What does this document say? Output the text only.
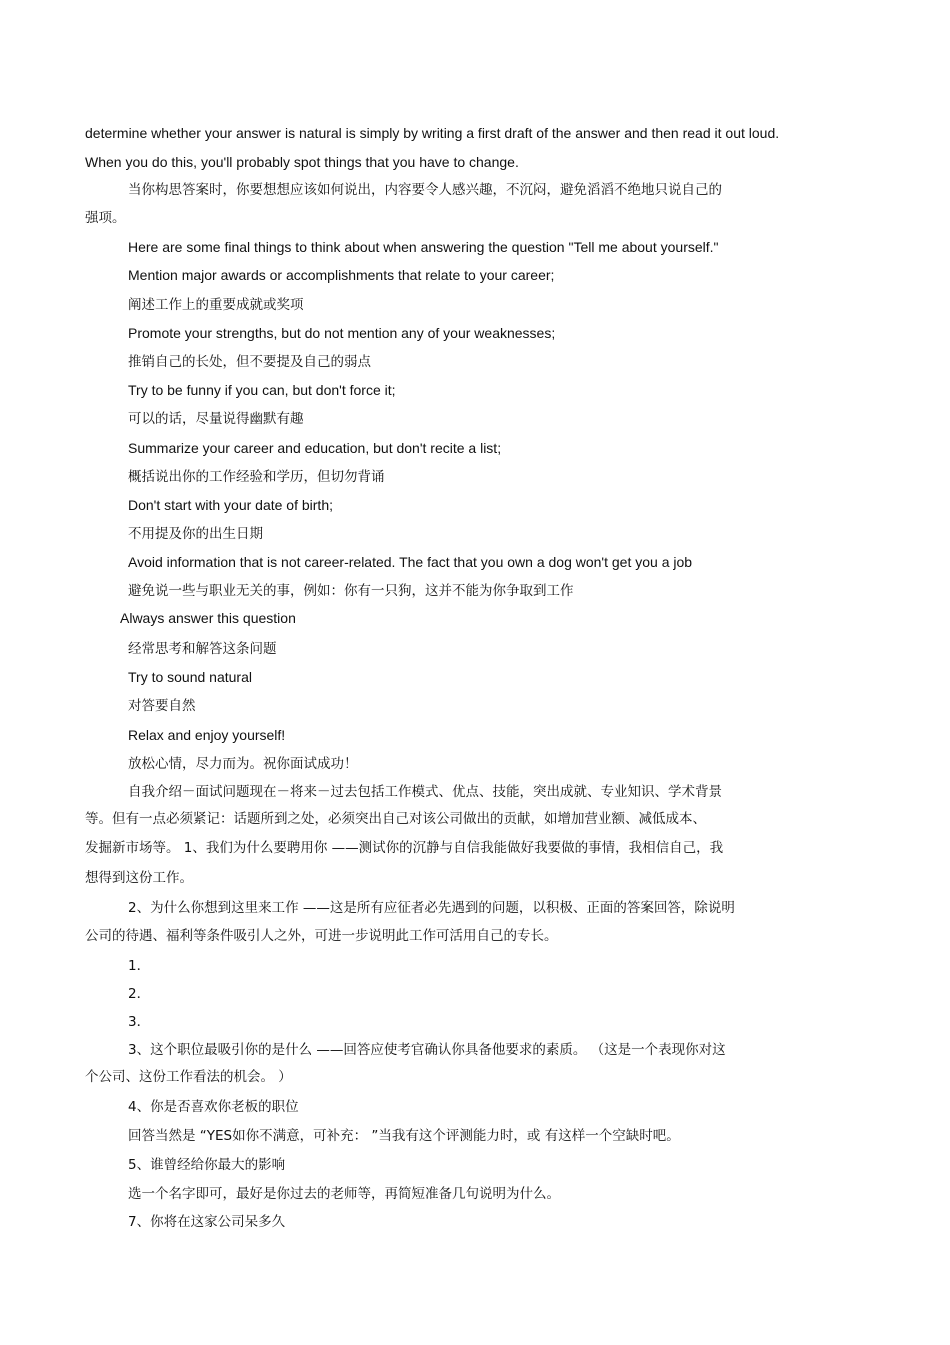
determine whether your answer is natural is simply by writing a first draft of the answer and then read it out loud.

When you do this, you'll probably spot things that you have to change.

当你构思答案时，你要想想应该如何说出，内容要令人感兴趣，不沉闷，避免滔滔不绝地只说自己的

强项。

Here are some final things to think about when answering the question "Tell me about yourself."

Mention major awards or accomplishments that relate to your career;

阐述工作上的重要成就或奖项

Promote your strengths, but do not mention any of your weaknesses;

推销自己的长处，但不要提及自己的弱点

Try to be funny if you can, but don't force it;

可以的话，尽量说得幽默有趣

Summarize your career and education, but don't recite a list;

概括说出你的工作经验和学历，但切勿背诵

Don't start with your date of birth;

不用提及你的出生日期

Avoid information that is not career-related. The fact that you own a dog won't get you a job

避免说一些与职业无关的事，例如：你有一只狗，这并不能为你争取到工作

Always answer this question

经常思考和解答这条问题

Try to sound natural

对答要自然

Relax and enjoy yourself!

放松心情，尽力而为。祝你面试成功！

自我介绍－面试问题现在－将来－过去包括工作模式、优点、技能，突出成就、专业知识、学术背景

等。但有一点必须紧记：话题所到之处，必须突出自己对该公司做出的贡献，如增加营业额、减低成本、

发掘新市场等。 1、我们为什么要聘用你 ——测试你的沉静与自信我能做好我要做的事情，我相信自己，我

想得到这份工作。

2、为什么你想到这里来工作 ——这是所有应征者必先遇到的问题，以积极、正面的答案回答，除说明

公司的待遇、福利等条件吸引人之外，可进一步说明此工作可活用自己的专长。

1．

2．

3．

3、这个职位最吸引你的是什么 ——回答应使考官确认你具备他要求的素质。 （这是一个表现你对这

个公司、这份工作看法的机会。 ）

4、你是否喜欢你老板的职位

回答当然是 “YES如你不满意，可补充： ”当我有这个评测能力时，或 有这样一个空缺时吧。

5、谁曾经给你最大的影响

选一个名字即可，最好是你过去的老师等，再简短准备几句说明为什么。

7、你将在这家公司呆多久
